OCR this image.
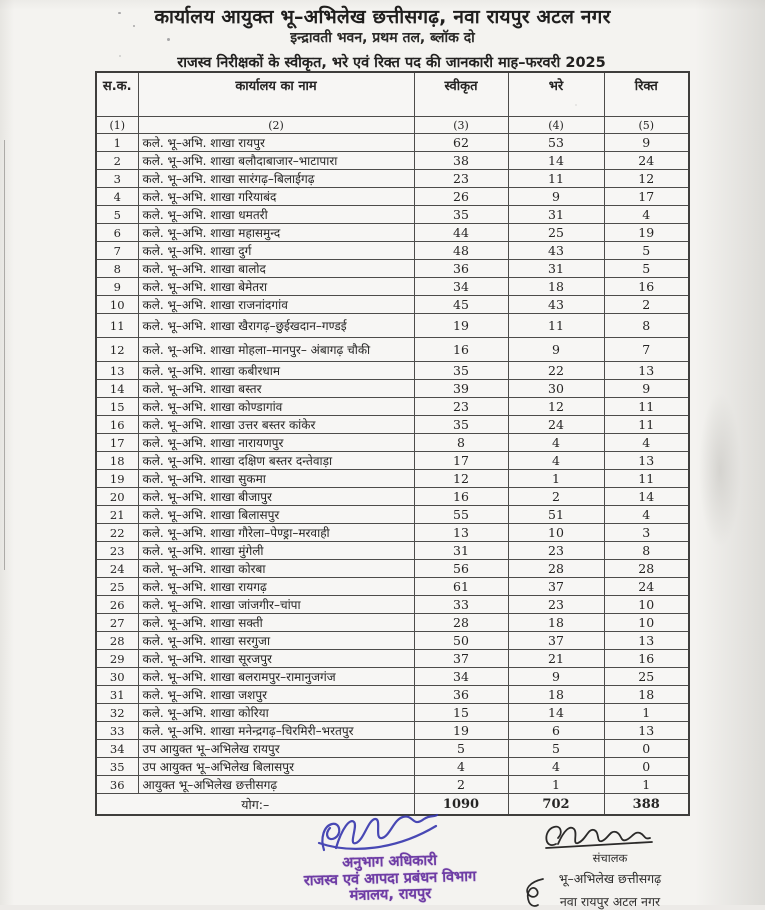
कार्यालय आयुक्त भू–अभिलेख छत्तीसगढ़, नवा रायपुर अटल नगर
इन्द्रावती भवन, प्रथम तल, ब्लॉक दो
राजस्व निरीक्षकों के स्वीकृत, भरे एवं रिक्त पद की जानकारी माह–फरवरी 2025
स.क.	कार्यालय का नाम	स्वीकृत	भरे	रिक्त
(1)	(2)	(3)	(4)	(5)
1	कले. भू–अभि. शाखा रायपुर	62	53	9
2	कले. भू–अभि. शाखा बलौदाबाजार–भाटापारा	38	14	24
3	कले. भू–अभि. शाखा सारंगढ़–बिलाईगढ़	23	11	12
4	कले. भू–अभि. शाखा गरियाबंद	26	9	17
5	कले. भू–अभि. शाखा धमतरी	35	31	4
6	कले. भू–अभि. शाखा महासमुन्द	44	25	19
7	कले. भू–अभि. शाखा दुर्ग	48	43	5
8	कले. भू–अभि. शाखा बालोद	36	31	5
9	कले. भू–अभि. शाखा बेमेतरा	34	18	16
10	कले. भू–अभि. शाखा राजनांदगांव	45	43	2
11	कले. भू–अभि. शाखा खैरागढ़–छुईखदान–गण्डई	19	11	8
12	कले. भू–अभि. शाखा मोहला–मानपुर– अंबागढ़ चौकी	16	9	7
13	कले. भू–अभि. शाखा कबीरधाम	35	22	13
14	कले. भू–अभि. शाखा बस्तर	39	30	9
15	कले. भू–अभि. शाखा कोण्डागांव	23	12	11
16	कले. भू–अभि. शाखा उत्तर बस्तर कांकेर	35	24	11
17	कले. भू–अभि. शाखा नारायणपुर	8	4	4
18	कले. भू–अभि. शाखा दक्षिण बस्तर दन्तेवाड़ा	17	4	13
19	कले. भू–अभि. शाखा सुकमा	12	1	11
20	कले. भू–अभि. शाखा बीजापुर	16	2	14
21	कले. भू–अभि. शाखा बिलासपुर	55	51	4
22	कले. भू–अभि. शाखा गौरेला–पेण्ड्रा–मरवाही	13	10	3
23	कले. भू–अभि. शाखा मुंगेली	31	23	8
24	कले. भू–अभि. शाखा कोरबा	56	28	28
25	कले. भू–अभि. शाखा रायगढ़	61	37	24
26	कले. भू–अभि. शाखा जांजगीर–चांपा	33	23	10
27	कले. भू–अभि. शाखा सक्ती	28	18	10
28	कले. भू–अभि. शाखा सरगुजा	50	37	13
29	कले. भू–अभि. शाखा सूरजपुर	37	21	16
30	कले. भू–अभि. शाखा बलरामपुर–रामानुजगंज	34	9	25
31	कले. भू–अभि. शाखा जशपुर	36	18	18
32	कले. भू–अभि. शाखा कोरिया	15	14	1
33	कले. भू–अभि. शाखा मनेन्द्रगढ़–चिरमिरी–भरतपुर	19	6	13
34	उप आयुक्त भू–अभिलेख रायपुर	5	5	0
35	उप आयुक्त भू–अभिलेख बिलासपुर	4	4	0
36	आयुक्त भू–अभिलेख छत्तीसगढ़	2	1	1
योग:–		1090	702	388
अनुभाग अधिकारी
राजस्व एवं आपदा प्रबंधन विभाग
मंत्रालय, रायपुर
संचालक
भू–अभिलेख छत्तीसगढ़
नवा रायपुर अटल नगर
